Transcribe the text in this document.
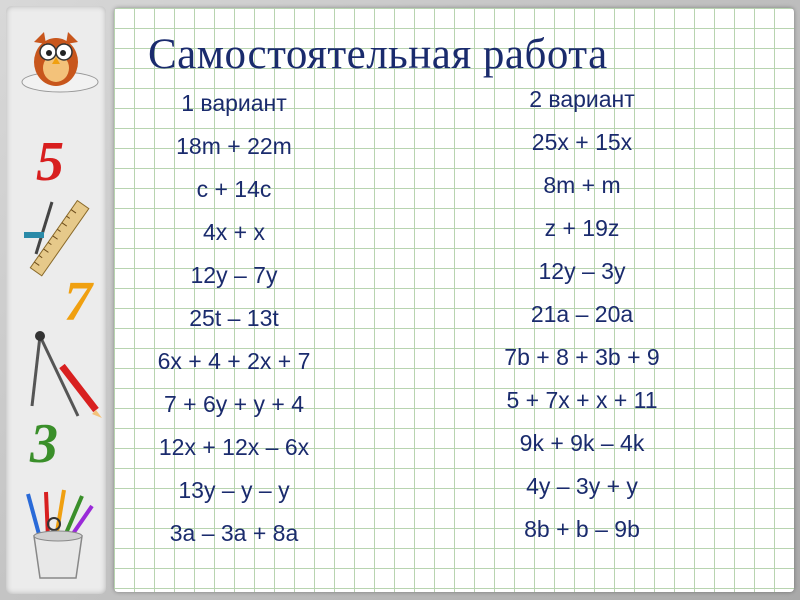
5
7
3
Самостоятельная работа
1 вариант
18m + 22m
c + 14c
4x + x
12y – 7y
25t – 13t
6x + 4 + 2x + 7
7 + 6y + y + 4
12x + 12x – 6x
13y – y – y
3a – 3a + 8a
2 вариант
25x + 15x
8m + m
z + 19z
12y – 3y
21a – 20a
7b + 8 + 3b + 9
5 + 7x + x + 11
9k + 9k – 4k
4y – 3y + y
8b + b – 9b
